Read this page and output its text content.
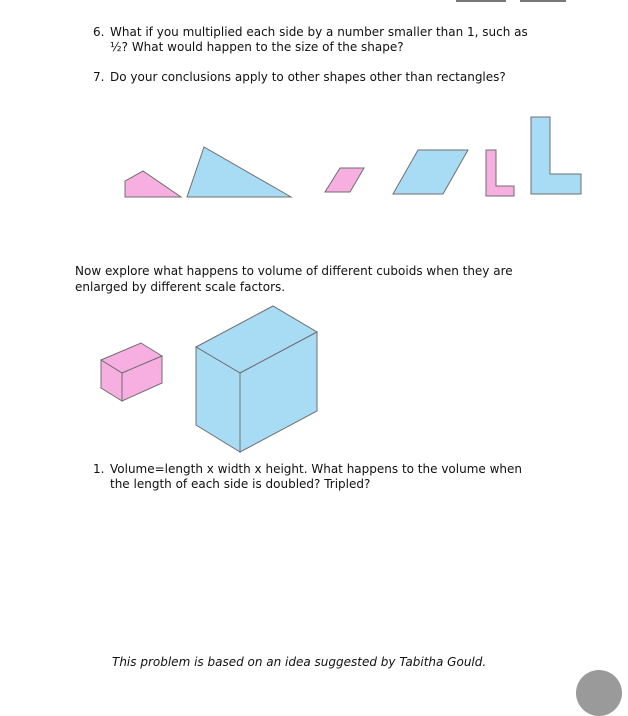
6. What if you multiplied each side by a number smaller than 1, such as
½? What would happen to the size of the shape?
7. Do your conclusions apply to other shapes other than rectangles?
Now explore what happens to volume of different cuboids when they are
enlarged by different scale factors.
1. Volume=length x width x height. What happens to the volume when
the length of each side is doubled? Tripled?
This problem is based on an idea suggested by Tabitha Gould.
